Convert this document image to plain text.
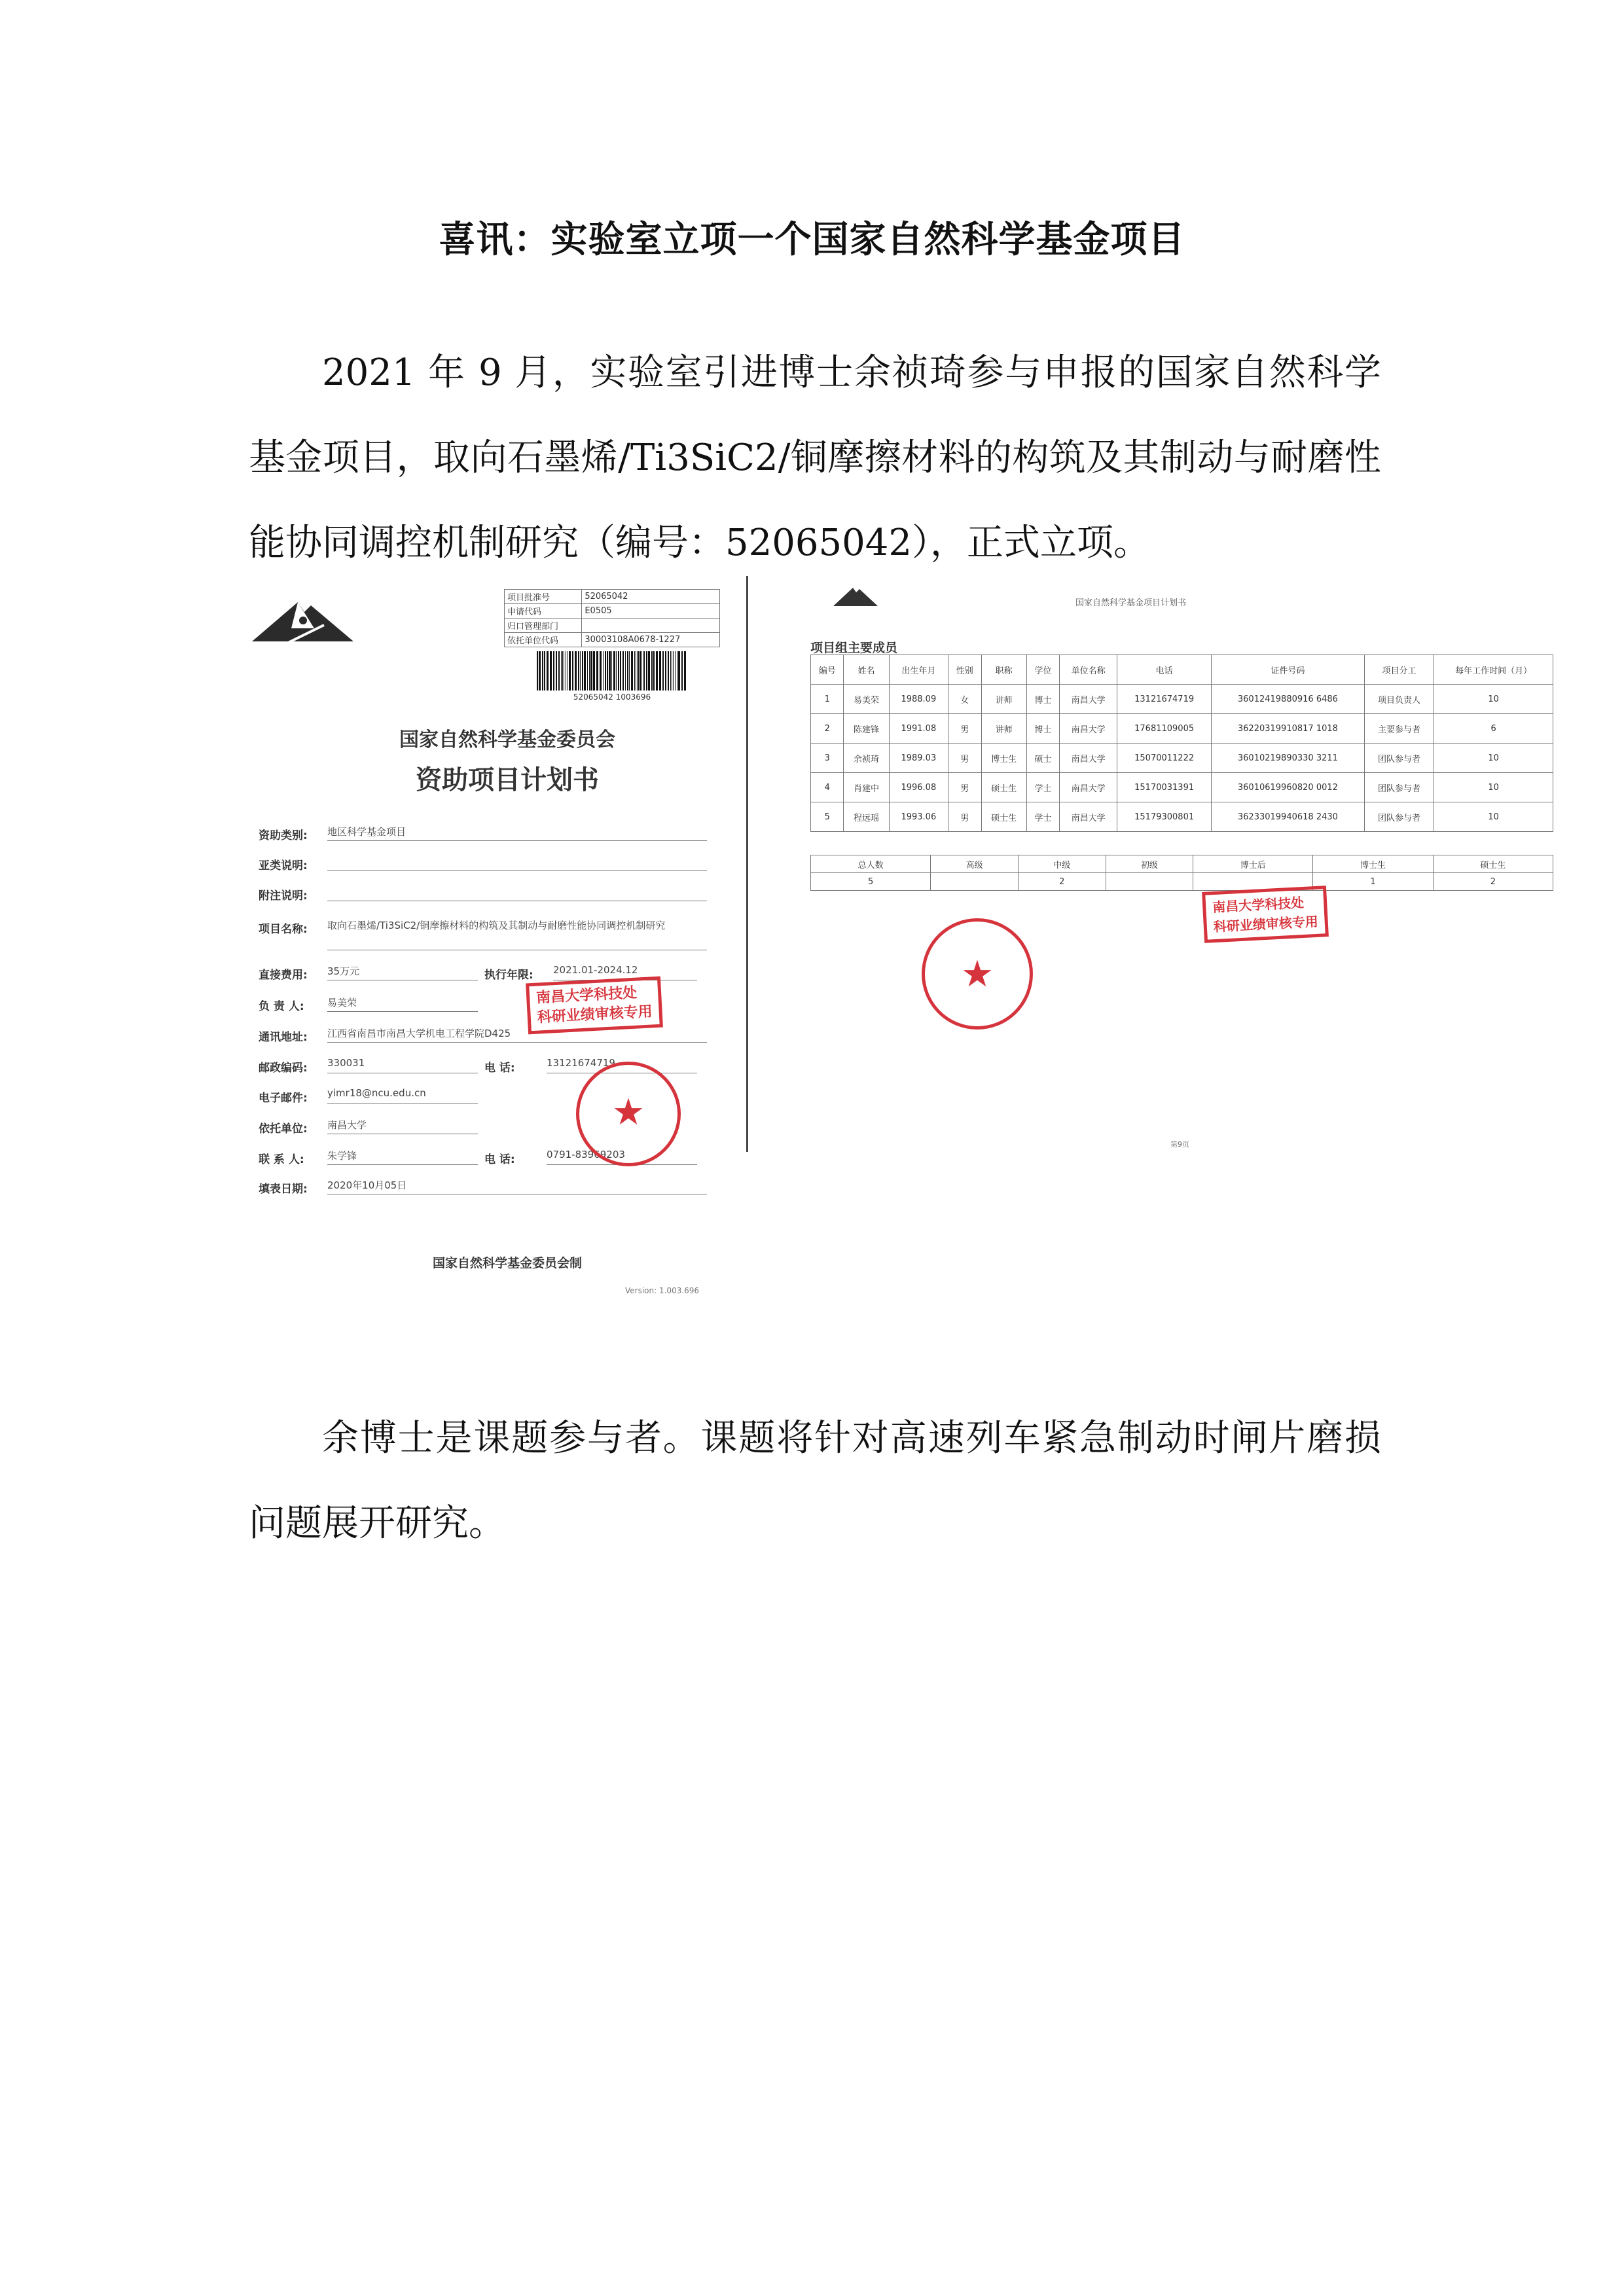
喜讯：实验室立项一个国家自然科学基金项目

2021 年 9 月，实验室引进博士余祯琦参与申报的国家自然科学基金项目，取向石墨烯/Ti3SiC2/铜摩擦材料的构筑及其制动与耐磨性能协同调控机制研究（编号：52065042），正式立项。

项目批准号	52065042
申请代码	E0505
归口管理部门	
依托单位代码	30003108A0678-1227
52065042 1003696
国家自然科学基金委员会
资助项目计划书
资助类别: 地区科学基金项目
亚类说明:
附注说明:
项目名称: 取向石墨烯/Ti3SiC2/铜摩擦材料的构筑及其制动与耐磨性能协同调控机制研究
直接费用: 35万元	执行年限: 2021.01-2024.12
负 责 人: 易美荣
通讯地址: 江西省南昌市南昌大学机电工程学院D425
邮政编码: 330031	电 话:	13121674719
电子邮件: yimr18@ncu.edu.cn
依托单位: 南昌大学
联 系 人: 朱学锋	电 话:	0791-83969203
填表日期: 2020年10月05日
南昌大学科技处
科研业绩审核专用
★
国家自然科学基金委员会制
Version: 1.003.696
国家自然科学基金项目计划书
项目组主要成员
编号	姓名	出生年月	性别	职称	学位	单位名称	电话	证件号码	项目分工	每年工作时间（月）
1	易美荣	1988.09	女	讲师	博士	南昌大学	13121674719	36012419880916 6486	项目负责人	10
2	陈建锋	1991.08	男	讲师	博士	南昌大学	17681109005	36220319910817 1018	主要参与者	6
3	余祯琦	1989.03	男	博士生	硕士	南昌大学	15070011222	36010219890330 3211	团队参与者	10
4	肖建中	1996.08	男	硕士生	学士	南昌大学	15170031391	36010619960820 0012	团队参与者	10
5	程远瑶	1993.06	男	硕士生	学士	南昌大学	15179300801	36233019940618 2430	团队参与者	10
总人数	高级	中级	初级	博士后	博士生	硕士生
5		2			1	2
南昌大学科技处
科研业绩审核专用
★
第9页

余博士是课题参与者。课题将针对高速列车紧急制动时闸片磨损问题展开研究。
